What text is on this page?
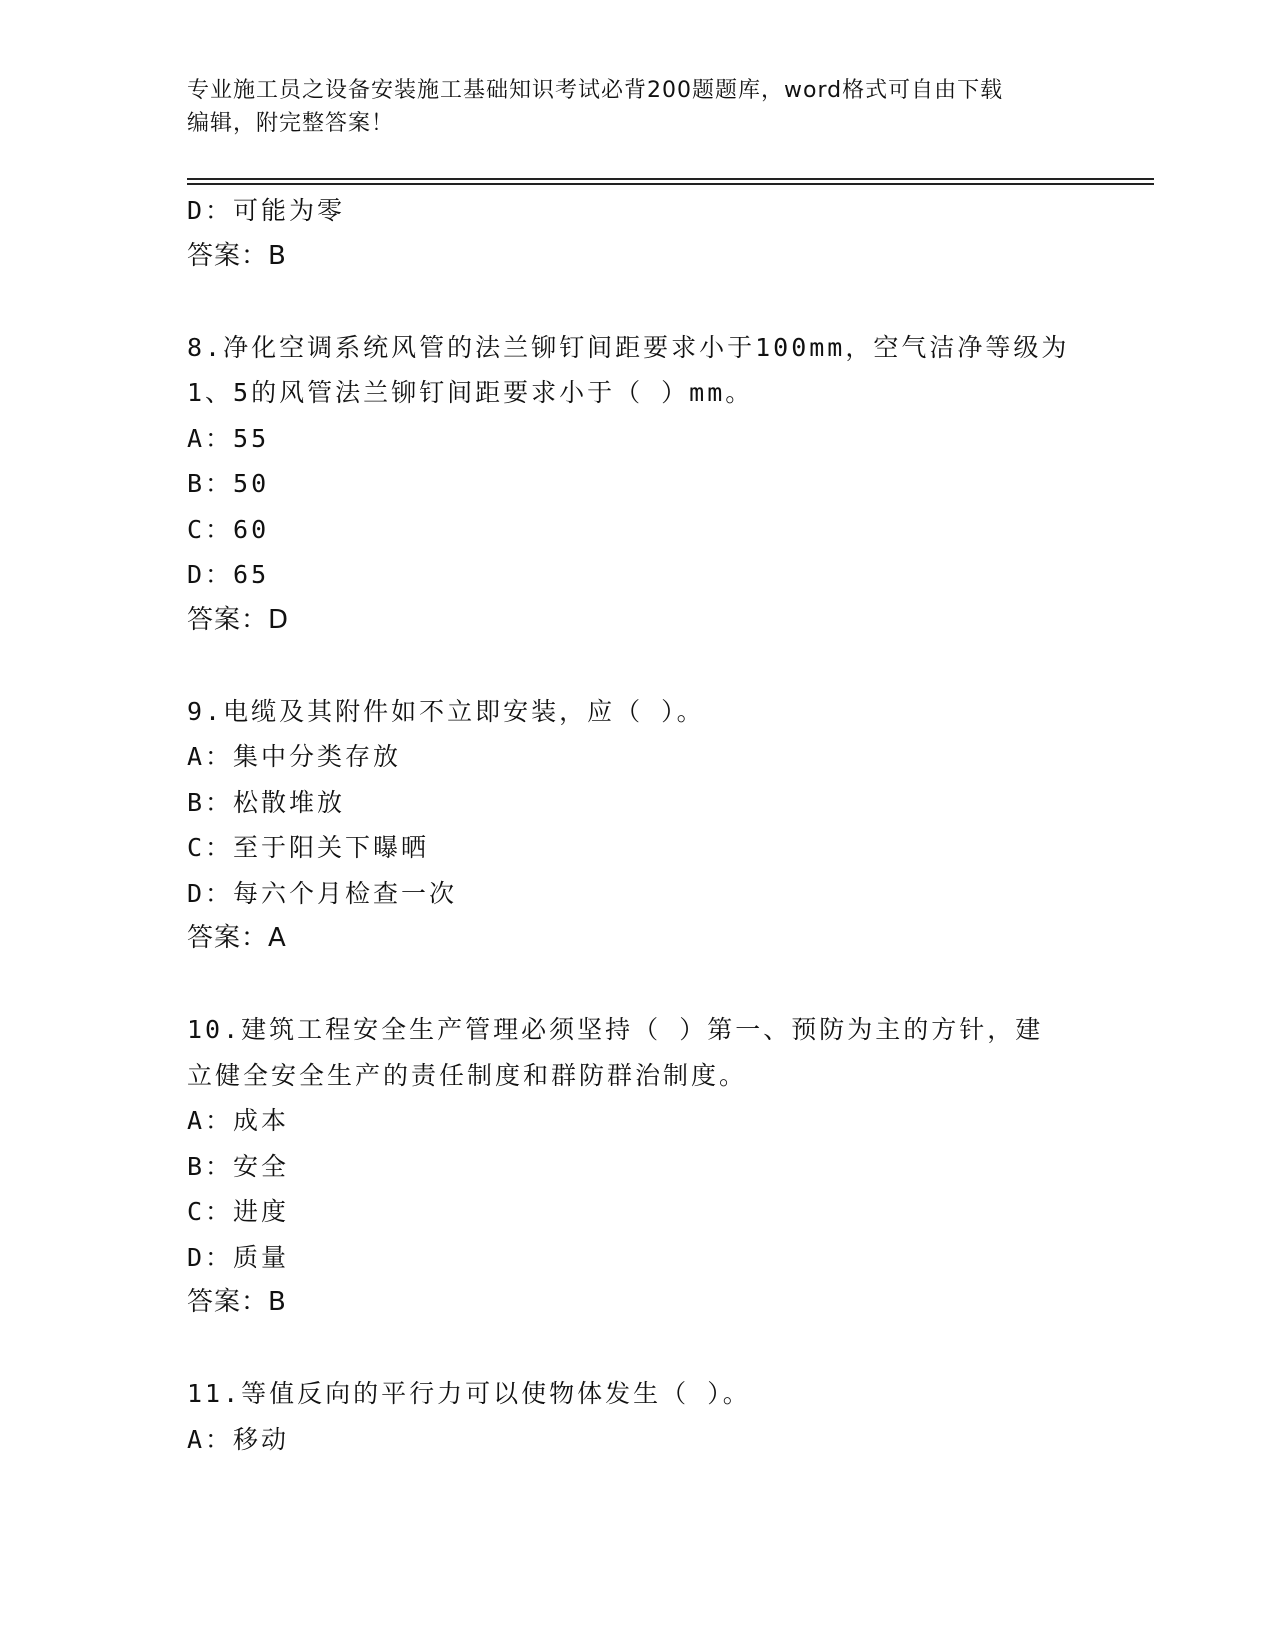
专业施工员之设备安装施工基础知识考试必背200题题库，word格式可自由下载
编辑，附完整答案！
D：可能为零
答案：B
8.净化空调系统风管的法兰铆钉间距要求小于100mm，空气洁净等级为
1、5的风管法兰铆钉间距要求小于（ ）mm。
A：55
B：50
C：60
D：65
答案：D
9.电缆及其附件如不立即安装，应（ ）。
A：集中分类存放
B：松散堆放
C：至于阳关下曝晒
D：每六个月检查一次
答案：A
10.建筑工程安全生产管理必须坚持（ ）第一、预防为主的方针，建
立健全安全生产的责任制度和群防群治制度。
A：成本
B：安全
C：进度
D：质量
答案：B
11.等值反向的平行力可以使物体发生（ ）。
A：移动
